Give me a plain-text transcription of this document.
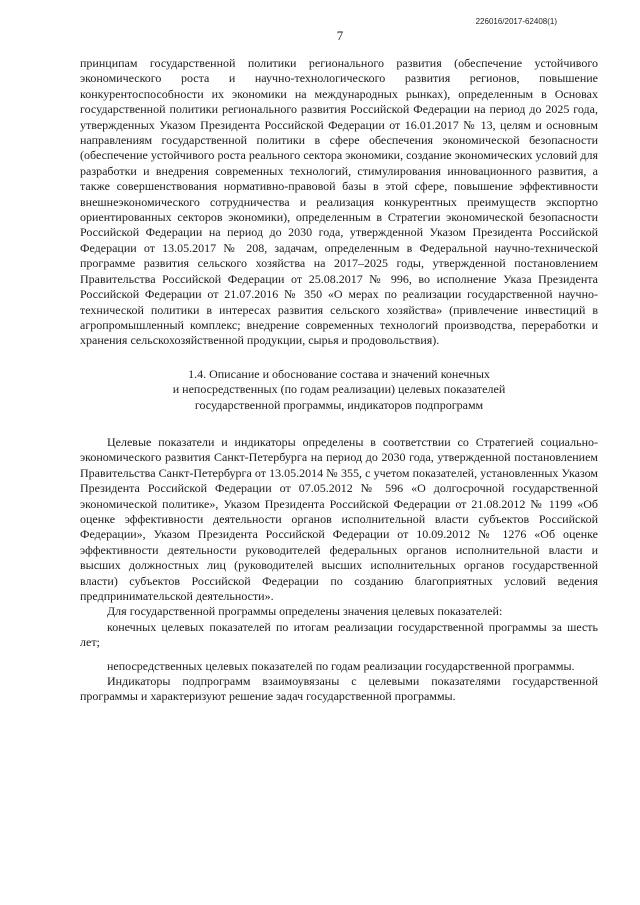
226016/2017-62408(1)
7

принципам государственной политики регионального развития (обеспечение устойчивого экономического роста и научно-технологического развития регионов, повышение конкурентоспособности их экономики на международных рынках), определенным в Основах государственной политики регионального развития Российской Федерации на период до 2025 года, утвержденных Указом Президента Российской Федерации от 16.01.2017 № 13, целям и основным направлениям государственной политики в сфере обеспечения экономической безопасности (обеспечение устойчивого роста реального сектора экономики, создание экономических условий для разработки и внедрения современных технологий, стимулирования инновационного развития, а также совершенствования нормативно-правовой базы в этой сфере, повышение эффективности внешнеэкономического сотрудничества и реализация конкурентных преимуществ экспортно ориентированных секторов экономики), определенным в Стратегии экономической безопасности Российской Федерации на период до 2030 года, утвержденной Указом Президента Российской Федерации от 13.05.2017 № 208, задачам, определенным в Федеральной научно-технической программе развития сельского хозяйства на 2017–2025 годы, утвержденной постановлением Правительства Российской Федерации от 25.08.2017 № 996, во исполнение Указа Президента Российской Федерации от 21.07.2016 № 350 «О мерах по реализации государственной научно-технической политики в интересах развития сельского хозяйства» (привлечение инвестиций в агропромышленный комплекс; внедрение современных технологий производства, переработки и хранения сельскохозяйственной продукции, сырья и продовольствия).

1.4. Описание и обоснование состава и значений конечных
и непосредственных (по годам реализации) целевых показателей
государственной программы, индикаторов подпрограмм

Целевые показатели и индикаторы определены в соответствии со Стратегией социально-экономического развития Санкт-Петербурга на период до 2030 года, утвержденной постановлением Правительства Санкт-Петербурга от 13.05.2014 № 355, с учетом показателей, установленных Указом Президента Российской Федерации от 07.05.2012 № 596 «О долгосрочной государственной экономической политике», Указом Президента Российской Федерации от 21.08.2012 № 1199 «Об оценке эффективности деятельности органов исполнительной власти субъектов Российской Федерации», Указом Президента Российской Федерации от 10.09.2012 № 1276 «Об оценке эффективности деятельности руководителей федеральных органов исполнительной власти и высших должностных лиц (руководителей высших исполнительных органов государственной власти) субъектов Российской Федерации по созданию благоприятных условий ведения предпринимательской деятельности».

Для государственной программы определены значения целевых показателей:

конечных целевых показателей по итогам реализации государственной программы за шесть лет;

непосредственных целевых показателей по годам реализации государственной программы.

Индикаторы подпрограмм взаимоувязаны с целевыми показателями государственной программы и характеризуют решение задач государственной программы.
